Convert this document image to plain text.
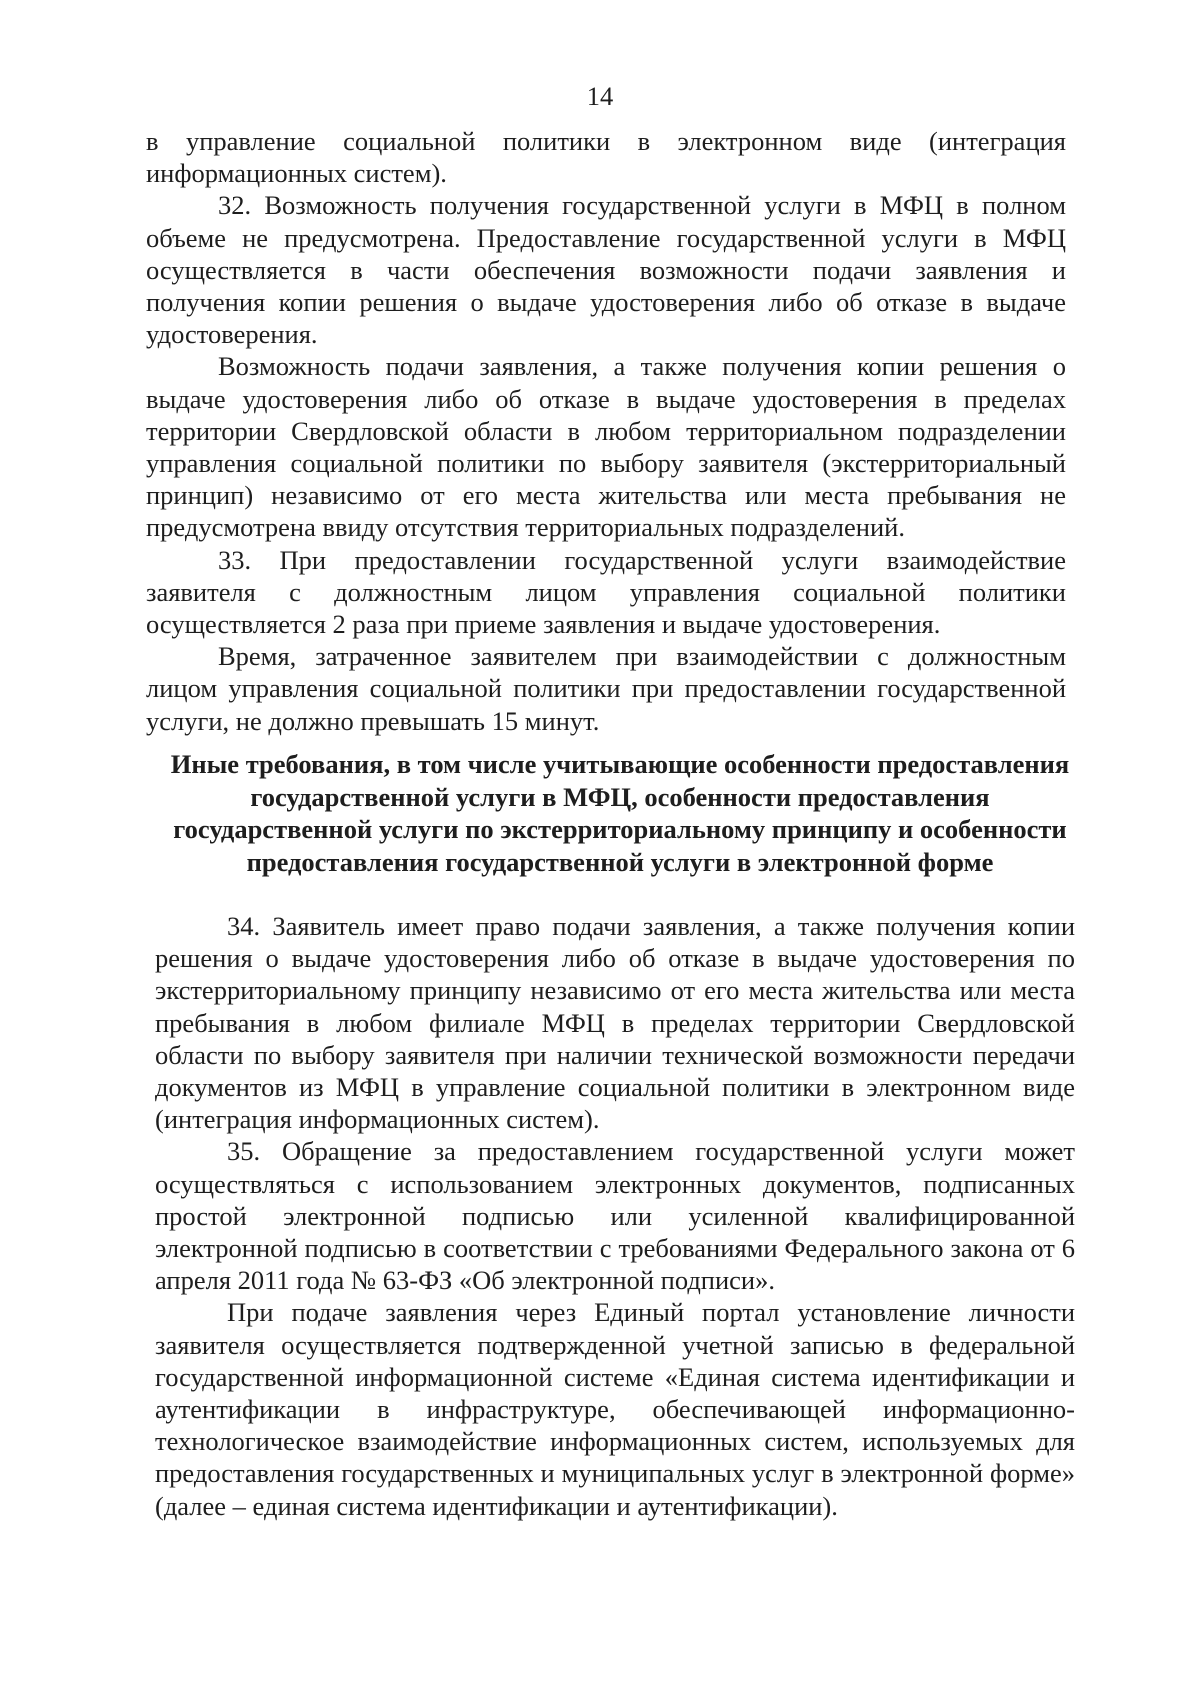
14

в управление социальной политики в электронном виде (интеграция информационных систем).

32. Возможность получения государственной услуги в МФЦ в полном объеме не предусмотрена. Предоставление государственной услуги в МФЦ осуществляется в части обеспечения возможности подачи заявления и получения копии решения о выдаче удостоверения либо об отказе в выдаче удостоверения.

Возможность подачи заявления, а также получения копии решения о выдаче удостоверения либо об отказе в выдаче удостоверения в пределах территории Свердловской области в любом территориальном подразделении управления социальной политики по выбору заявителя (экстерриториальный принцип) независимо от его места жительства или места пребывания не предусмотрена ввиду отсутствия территориальных подразделений.

33. При предоставлении государственной услуги взаимодействие заявителя с должностным лицом управления социальной политики осуществляется 2 раза при приеме заявления и выдаче удостоверения.

Время, затраченное заявителем при взаимодействии с должностным лицом управления социальной политики при предоставлении государственной услуги, не должно превышать 15 минут.

Иные требования, в том числе учитывающие особенности предоставления государственной услуги в МФЦ, особенности предоставления государственной услуги по экстерриториальному принципу и особенности предоставления государственной услуги в электронной форме

34. Заявитель имеет право подачи заявления, а также получения копии решения о выдаче удостоверения либо об отказе в выдаче удостоверения по экстерриториальному принципу независимо от его места жительства или места пребывания в любом филиале МФЦ в пределах территории Свердловской области по выбору заявителя при наличии технической возможности передачи документов из МФЦ в управление социальной политики в электронном виде (интеграция информационных систем).

35. Обращение за предоставлением государственной услуги может осуществляться с использованием электронных документов, подписанных простой электронной подписью или усиленной квалифицированной электронной подписью в соответствии с требованиями Федерального закона от 6 апреля 2011 года № 63-ФЗ «Об электронной подписи».

При подаче заявления через Единый портал установление личности заявителя осуществляется подтвержденной учетной записью в федеральной государственной информационной системе «Единая система идентификации и аутентификации в инфраструктуре, обеспечивающей информационно-технологическое взаимодействие информационных систем, используемых для предоставления государственных и муниципальных услуг в электронной форме» (далее – единая система идентификации и аутентификации).
